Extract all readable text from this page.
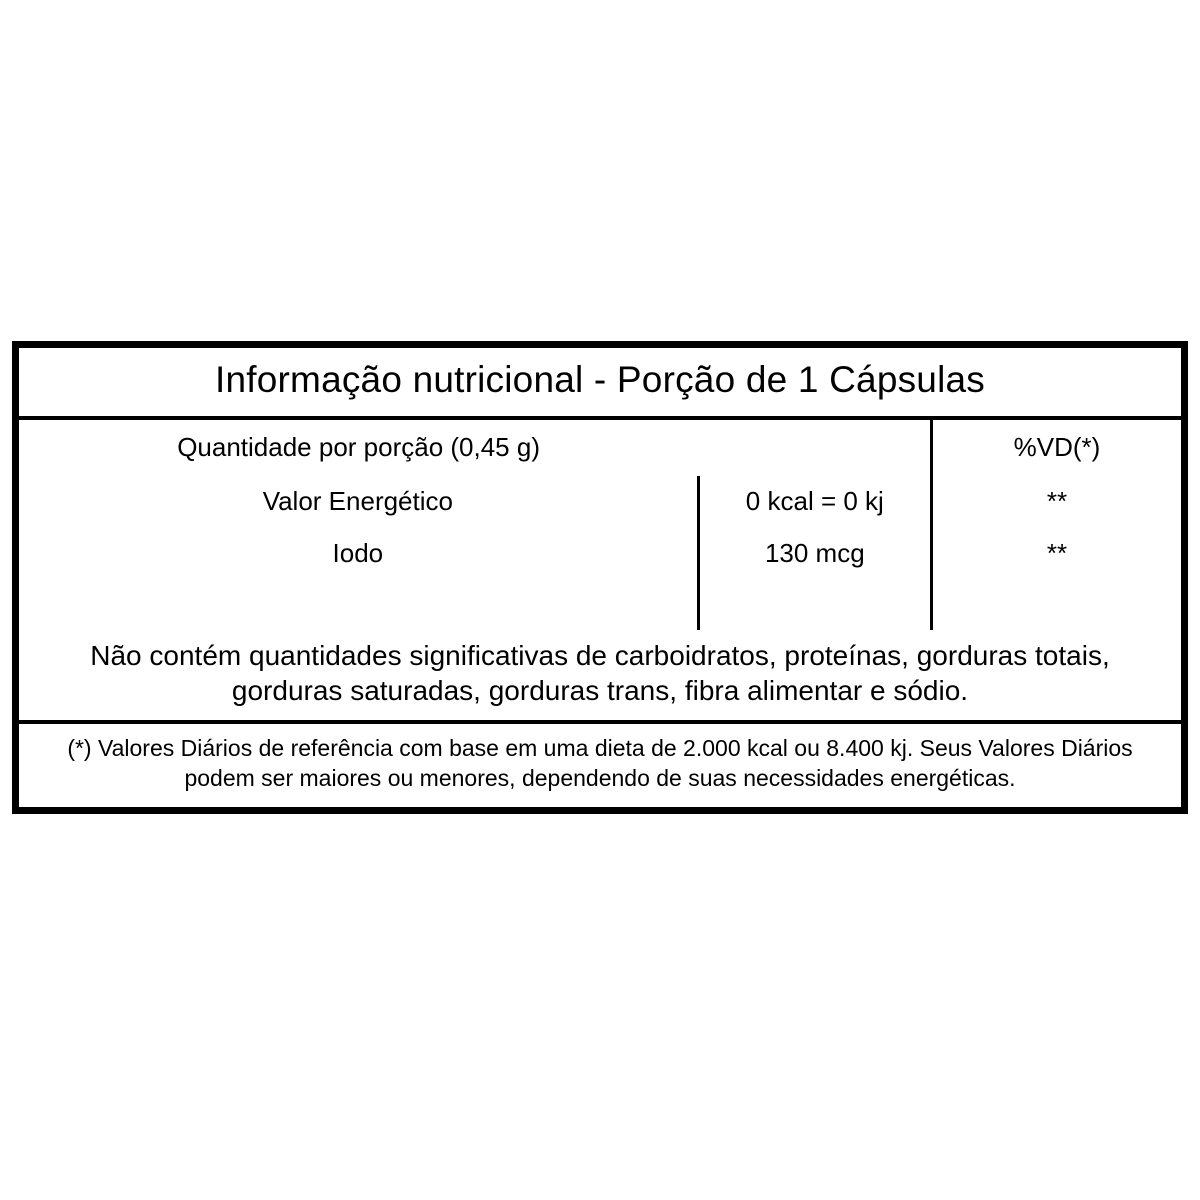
Informação nutricional - Porção de 1 Cápsulas
Quantidade por porção (0,45 g)		%VD(*)
Valor Energético	0 kcal = 0 kj	**
Iodo	130 mcg	**

Não contém quantidades significativas de carboidratos, proteínas, gorduras totais, gorduras saturadas, gorduras trans, fibra alimentar e sódio.
(*) Valores Diários de referência com base em uma dieta de 2.000 kcal ou 8.400 kj. Seus Valores Diários podem ser maiores ou menores, dependendo de suas necessidades energéticas.
